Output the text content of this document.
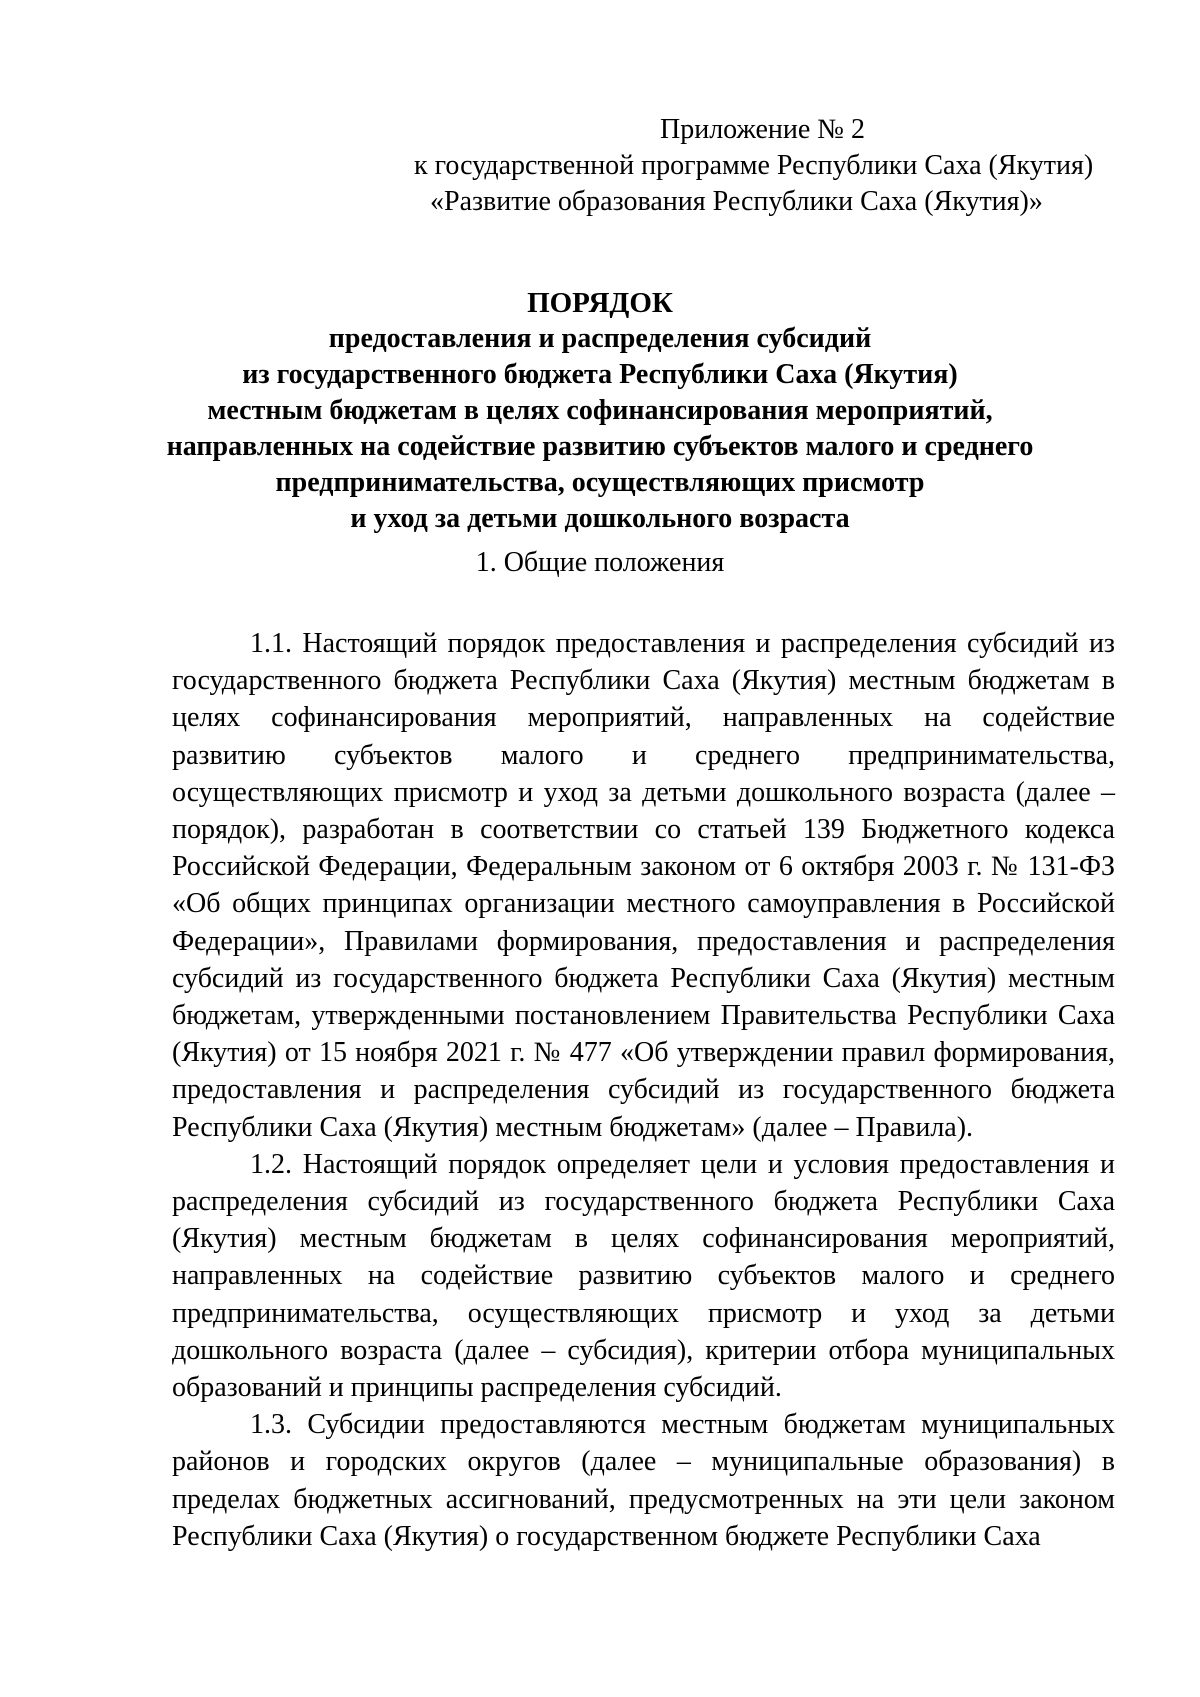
Приложение № 2
к государственной программе Республики Саха (Якутия)
«Развитие образования Республики Саха (Якутия)»
ПОРЯДОК
предоставления и распределения субсидий
из государственного бюджета Республики Саха (Якутия)
местным бюджетам в целях софинансирования мероприятий,
направленных на содействие развитию субъектов малого и среднего
предпринимательства, осуществляющих присмотр
и уход за детьми дошкольного возраста
1. Общие положения

1.1. Настоящий порядок предоставления и распределения субсидий из государственного бюджета Республики Саха (Якутия) местным бюджетам в целях софинансирования мероприятий, направленных на содействие развитию субъектов малого и среднего предпринимательства, осуществляющих присмотр и уход за детьми дошкольного возраста (далее – порядок), разработан в соответствии со статьей 139 Бюджетного кодекса Российской Федерации, Федеральным законом от 6 октября 2003 г. № 131-ФЗ «Об общих принципах организации местного самоуправления в Российской Федерации», Правилами формирования, предоставления и распределения субсидий из государственного бюджета Республики Саха (Якутия) местным бюджетам, утвержденными постановлением Правительства Республики Саха (Якутия) от 15 ноября 2021 г. № 477 «Об утверждении правил формирования, предоставления и распределения субсидий из государственного бюджета Республики Саха (Якутия) местным бюджетам» (далее – Правила).

1.2. Настоящий порядок определяет цели и условия предоставления и распределения субсидий из государственного бюджета Республики Саха (Якутия) местным бюджетам в целях софинансирования мероприятий, направленных на содействие развитию субъектов малого и среднего предпринимательства, осуществляющих присмотр и уход за детьми дошкольного возраста (далее – субсидия), критерии отбора муниципальных образований и принципы распределения субсидий.

1.3. Субсидии предоставляются местным бюджетам муниципальных районов и городских округов (далее – муниципальные образования) в пределах бюджетных ассигнований, предусмотренных на эти цели законом Республики Саха (Якутия) о государственном бюджете Республики Саха
